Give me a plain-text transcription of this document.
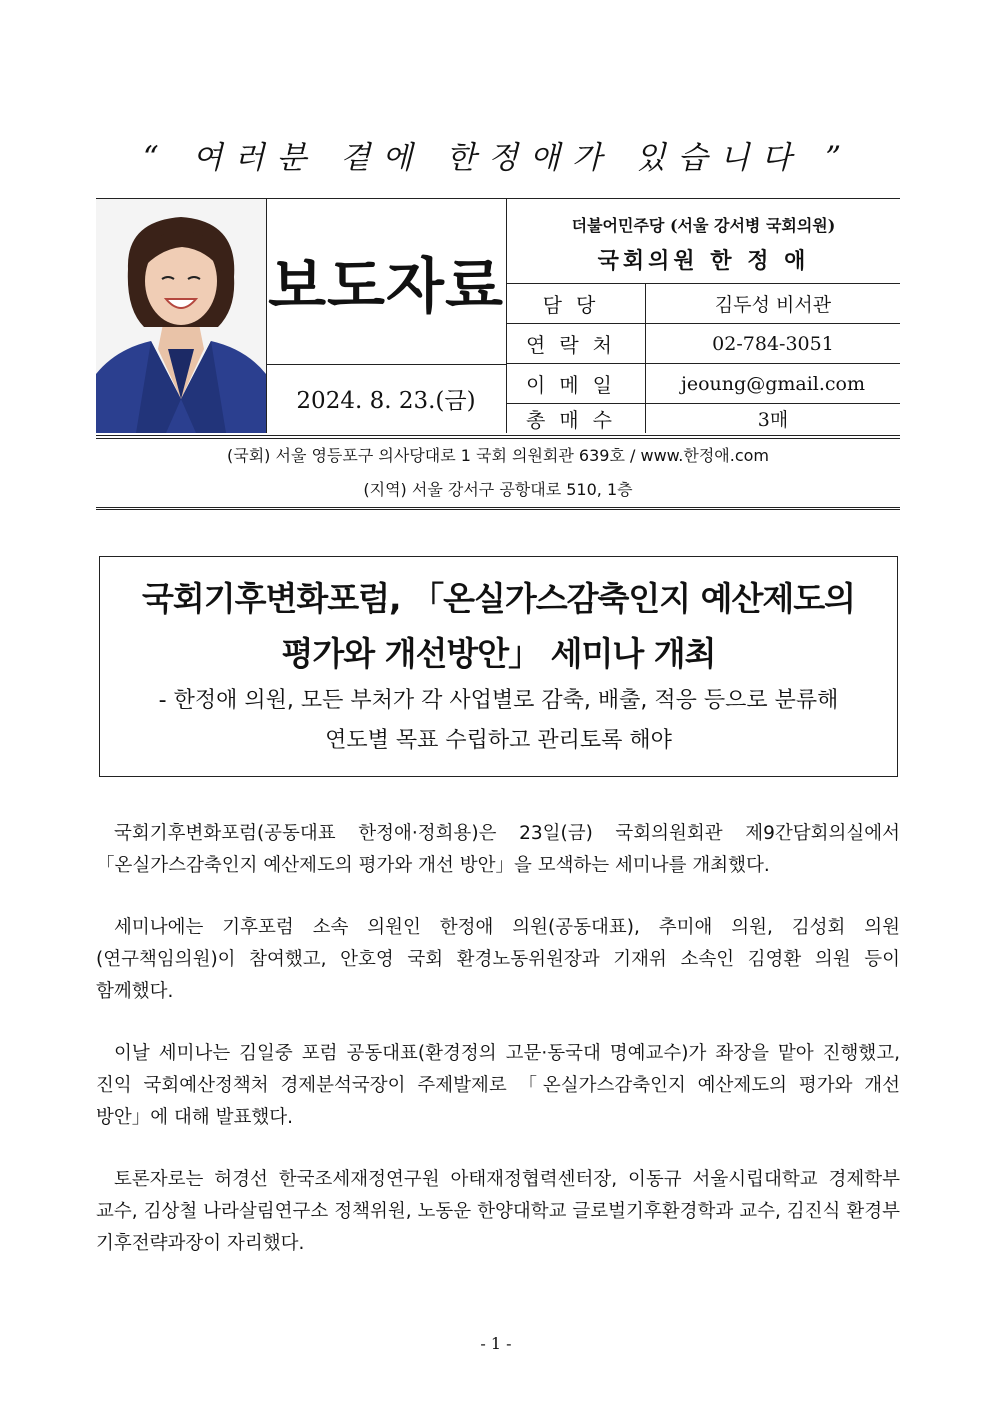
“ 여러분 곁에 한정애가 있습니다 ”
보도자료
2024. 8. 23.(금)
더불어민주당 (서울 강서병 국회의원)
국회의원 한 정 애
담당	김두성 비서관
연락처	02-784-3051
이메일	jeoung@gmail.com
총매수	3매
(국회) 서울 영등포구 의사당대로 1 국회 의원회관 639호 / www.한정애.com
(지역) 서울 강서구 공항대로 510, 1층
국회기후변화포럼, 「온실가스감축인지 예산제도의
평가와 개선방안」 세미나 개최
- 한정애 의원, 모든 부처가 각 사업별로 감축, 배출, 적응 등으로 분류해
연도별 목표 수립하고 관리토록 해야

국회기후변화포럼(공동대표 한정애·정희용)은 23일(금) 국회의원회관 제9간담회의실에서 「온실가스감축인지 예산제도의 평가와 개선 방안」을 모색하는 세미나를 개최했다.

세미나에는 기후포럼 소속 의원인 한정애 의원(공동대표), 추미애 의원, 김성회 의원(연구책임의원)이 참여했고, 안호영 국회 환경노동위원장과 기재위 소속인 김영환 의원 등이 함께했다.

이날 세미나는 김일중 포럼 공동대표(환경정의 고문·동국대 명예교수)가 좌장을 맡아 진행했고, 진익 국회예산정책처 경제분석국장이 주제발제로 「온실가스감축인지 예산제도의 평가와 개선 방안」에 대해 발표했다.

토론자로는 허경선 한국조세재정연구원 아태재정협력센터장, 이동규 서울시립대학교 경제학부 교수, 김상철 나라살림연구소 정책위원, 노동운 한양대학교 글로벌기후환경학과 교수, 김진식 환경부 기후전략과장이 자리했다.

- 1 -
